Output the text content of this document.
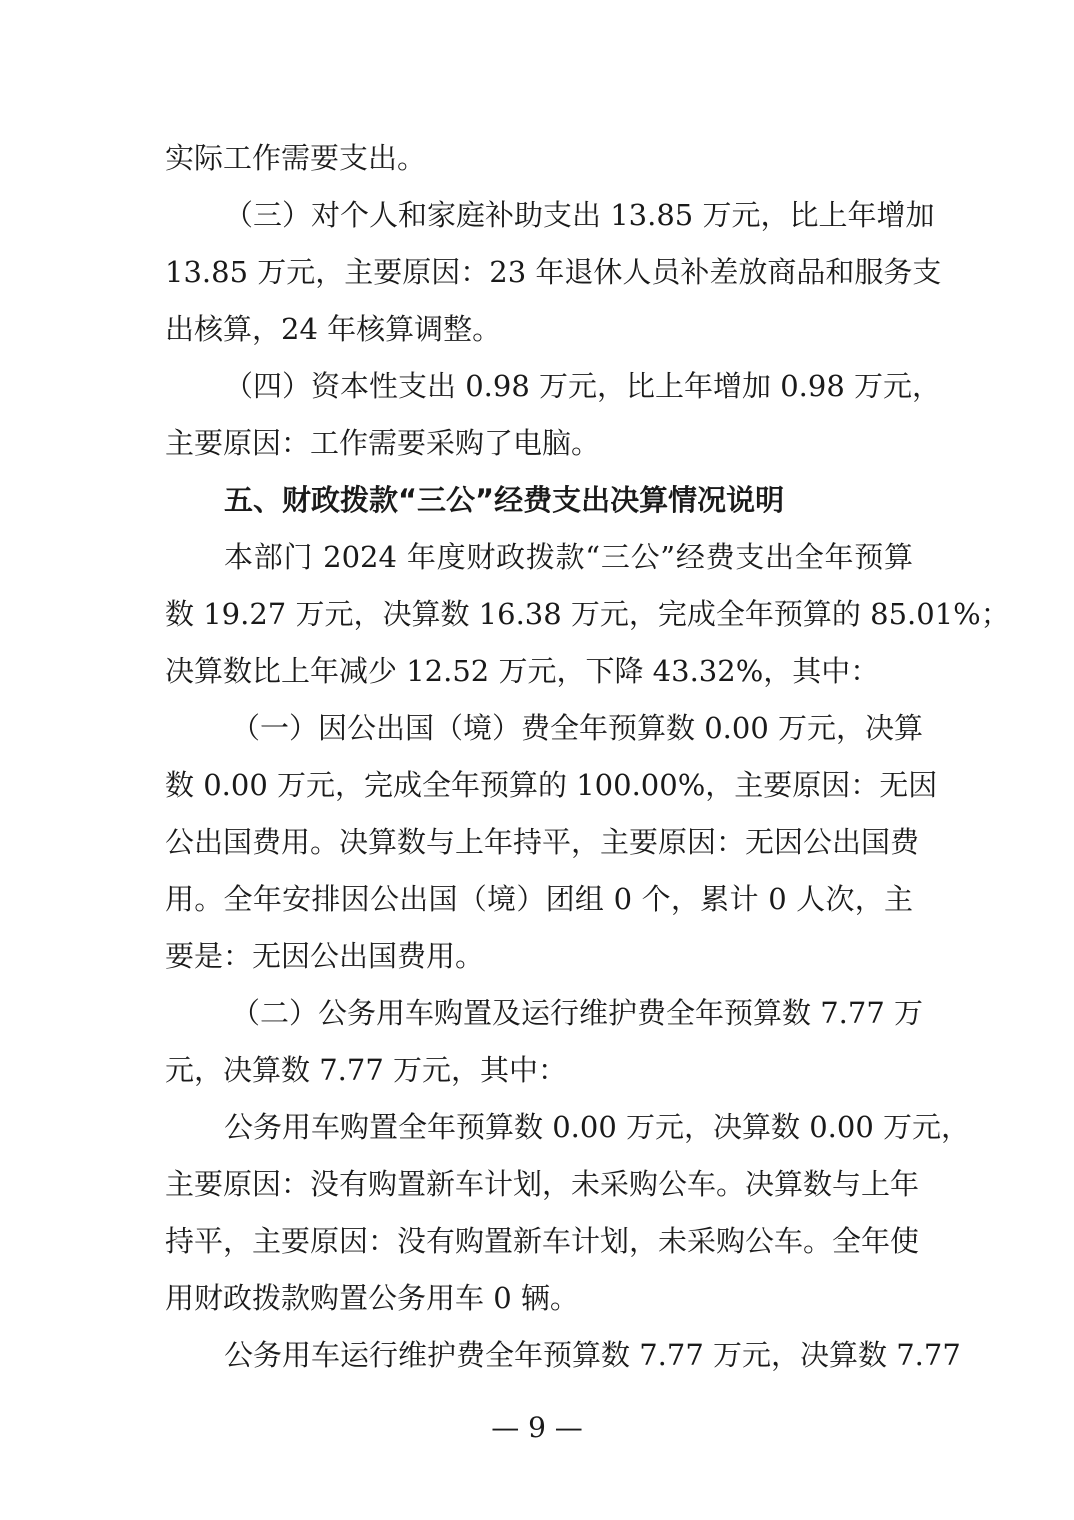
实际工作需要支出。
（三）对个人和家庭补助支出 13.85 万元，比上年增加
13.85 万元，主要原因：23 年退休人员补差放商品和服务支
出核算，24 年核算调整。
（四）资本性支出 0.98 万元，比上年增加 0.98 万元，
主要原因：工作需要采购了电脑。
五、财政拨款“三公”经费支出决算情况说明
本部门 2024 年度财政拨款“三公”经费支出全年预算
数 19.27 万元，决算数 16.38 万元，完成全年预算的 85.01%；
决算数比上年减少 12.52 万元，下降 43.32%，其中：
（一）因公出国（境）费全年预算数 0.00 万元，决算
数 0.00 万元，完成全年预算的 100.00%，主要原因：无因
公出国费用。决算数与上年持平，主要原因：无因公出国费
用。全年安排因公出国（境）团组 0 个，累计 0 人次，主
要是：无因公出国费用。
（二）公务用车购置及运行维护费全年预算数 7.77 万
元，决算数 7.77 万元，其中：
公务用车购置全年预算数 0.00 万元，决算数 0.00 万元，
主要原因：没有购置新车计划，未采购公车。决算数与上年
持平，主要原因：没有购置新车计划，未采购公车。全年使
用财政拨款购置公务用车 0 辆。
公务用车运行维护费全年预算数 7.77 万元，决算数 7.77
— 9 —
